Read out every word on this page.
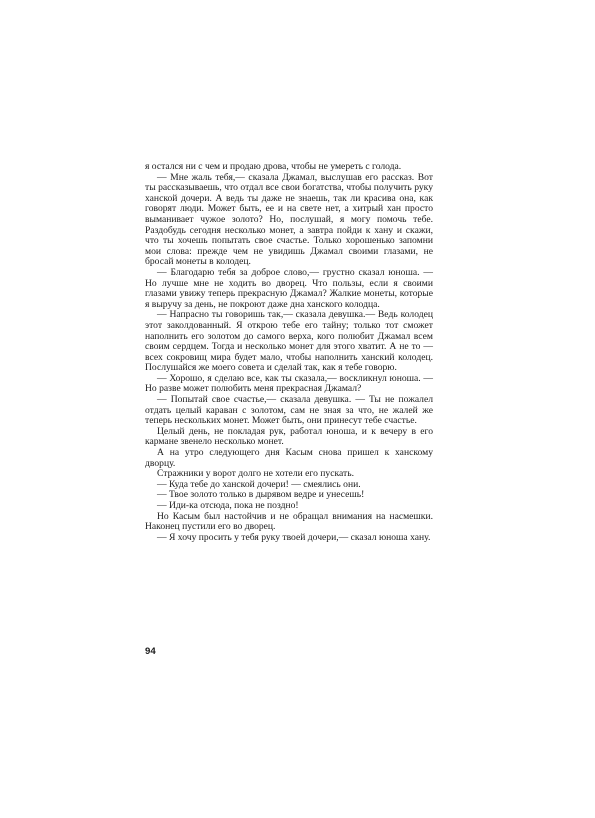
я остался ни с чем и продаю дрова, чтобы не умереть с голода.

— Мне жаль тебя,— сказала Джамал, выслушав его рассказ. Вот ты рассказываешь, что отдал все свои богатства, чтобы получить руку ханской дочери. А ведь ты даже не знаешь, так ли красива она, как говорят люди. Может быть, ее и на свете нет, а хитрый хан просто выманивает чужое золото? Но, послушай, я могу помочь тебе. Раздобудь сегодня несколько монет, а завтра пойди к хану и скажи, что ты хочешь попытать свое счастье. Только хорошенько запомни мои слова: прежде чем не увидишь Джамал своими глазами, не бросай монеты в колодец.

— Благодарю тебя за доброе слово,— грустно сказал юноша. — Но лучше мне не ходить во дворец. Что пользы, если я своими глазами увижу теперь прекрасную Джамал? Жалкие монеты, которые я выручу за день, не покроют даже дна ханского колодца.

— Напрасно ты говоришь так,— сказала девушка.— Ведь колодец этот заколдованный. Я открою тебе его тайну; только тот сможет наполнить его золотом до самого верха, кого полюбит Джамал всем своим сердцем. Тогда и несколько монет для этого хватит. А не то — всех сокровищ мира будет мало, чтобы наполнить ханский колодец. Послушайся же моего совета и сделай так, как я тебе говорю.

— Хорошо, я сделаю все, как ты сказала,— воскликнул юноша. — Но разве может полюбить меня прекрасная Джамал?

— Попытай свое счастье,— сказала девушка. — Ты не пожалел отдать целый караван с золотом, сам не зная за что, не жалей же теперь нескольких монет. Может быть, они принесут тебе счастье.

Целый день, не покладая рук, работал юноша, и к вечеру в его кармане звенело несколько монет.

А на утро следующего дня Касым снова пришел к ханскому дворцу.

Стражники у ворот долго не хотели его пускать.

— Куда тебе до ханской дочери! — смеялись они.

— Твое золото только в дырявом ведре и унесешь!

— Иди-ка отсюда, пока не поздно!

Но Касым был настойчив и не обращал внимания на насмешки. Наконец пустили его во дворец.

— Я хочу просить у тебя руку твоей дочери,— сказал юноша хану.

94
